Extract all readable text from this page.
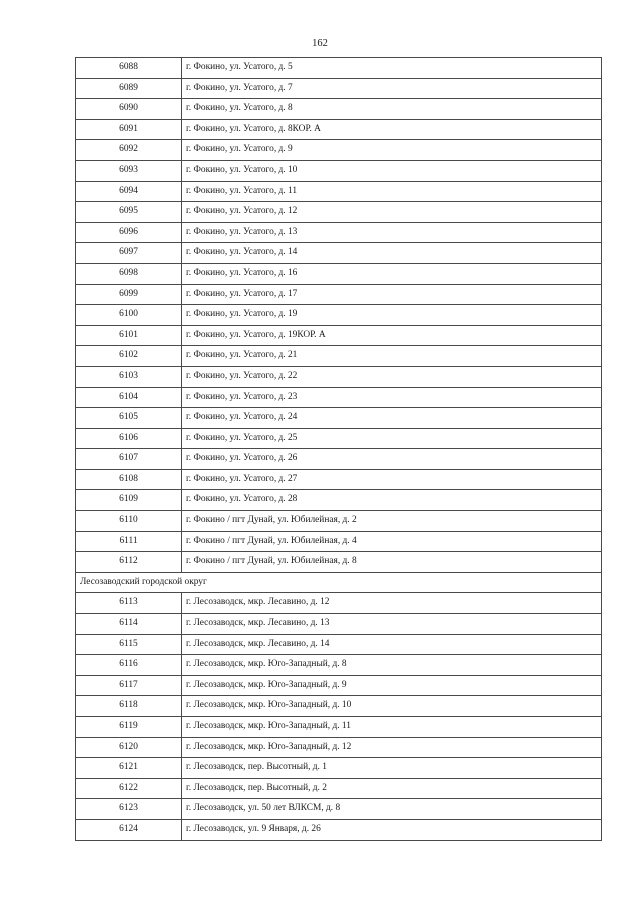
162
6088	г. Фокино, ул. Усатого, д. 5
6089	г. Фокино, ул. Усатого, д. 7
6090	г. Фокино, ул. Усатого, д. 8
6091	г. Фокино, ул. Усатого, д. 8КОР. А
6092	г. Фокино, ул. Усатого, д. 9
6093	г. Фокино, ул. Усатого, д. 10
6094	г. Фокино, ул. Усатого, д. 11
6095	г. Фокино, ул. Усатого, д. 12
6096	г. Фокино, ул. Усатого, д. 13
6097	г. Фокино, ул. Усатого, д. 14
6098	г. Фокино, ул. Усатого, д. 16
6099	г. Фокино, ул. Усатого, д. 17
6100	г. Фокино, ул. Усатого, д. 19
6101	г. Фокино, ул. Усатого, д. 19КОР. А
6102	г. Фокино, ул. Усатого, д. 21
6103	г. Фокино, ул. Усатого, д. 22
6104	г. Фокино, ул. Усатого, д. 23
6105	г. Фокино, ул. Усатого, д. 24
6106	г. Фокино, ул. Усатого, д. 25
6107	г. Фокино, ул. Усатого, д. 26
6108	г. Фокино, ул. Усатого, д. 27
6109	г. Фокино, ул. Усатого, д. 28
6110	г. Фокино / пгт Дунай, ул. Юбилейная, д. 2
6111	г. Фокино / пгт Дунай, ул. Юбилейная, д. 4
6112	г. Фокино / пгт Дунай, ул. Юбилейная, д. 8
Лесозаводский городской округ	
6113	г. Лесозаводск, мкр. Лесавино, д. 12
6114	г. Лесозаводск, мкр. Лесавино, д. 13
6115	г. Лесозаводск, мкр. Лесавино, д. 14
6116	г. Лесозаводск, мкр. Юго-Западный, д. 8
6117	г. Лесозаводск, мкр. Юго-Западный, д. 9
6118	г. Лесозаводск, мкр. Юго-Западный, д. 10
6119	г. Лесозаводск, мкр. Юго-Западный, д. 11
6120	г. Лесозаводск, мкр. Юго-Западный, д. 12
6121	г. Лесозаводск, пер. Высотный, д. 1
6122	г. Лесозаводск, пер. Высотный, д. 2
6123	г. Лесозаводск, ул. 50 лет ВЛКСМ, д. 8
6124	г. Лесозаводск, ул. 9 Января, д. 26
